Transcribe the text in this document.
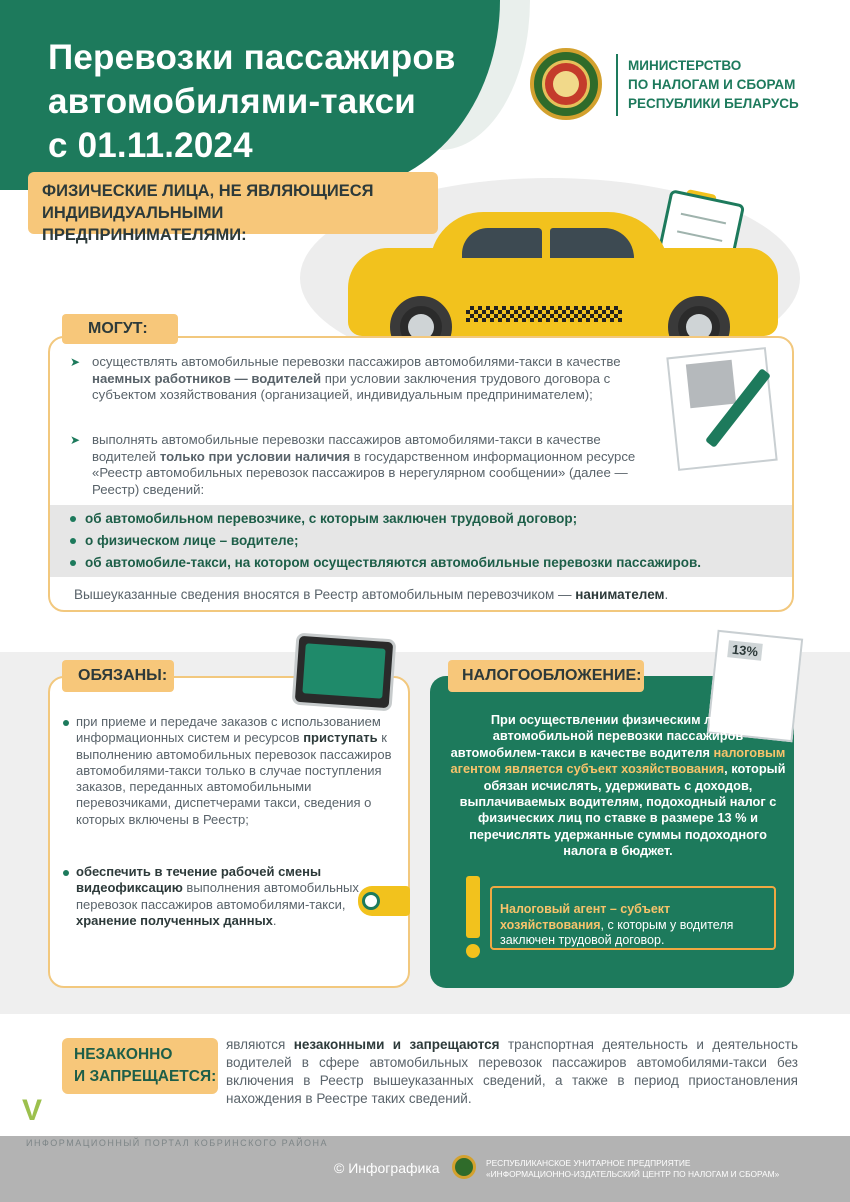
Перевозки пассажиров
автомобилями-такси
с 01.11.2024
МИНИСТЕРСТВО
ПО НАЛОГАМ И СБОРАМ
РЕСПУБЛИКИ БЕЛАРУСЬ
ФИЗИЧЕСКИЕ ЛИЦА, НЕ ЯВЛЯЮЩИЕСЯ
ИНДИВИДУАЛЬНЫМИ ПРЕДПРИНИМАТЕЛЯМИ:
МОГУТ:
➤ осуществлять автомобильные перевозки пассажиров автомобилями-такси в качестве наемных работников — водителей при условии заключения трудового договора с субъектом хозяйствования (организацией, индивидуальным предпринимателем);
➤ выполнять автомобильные перевозки пассажиров автомобилями-такси в качестве водителей только при условии наличия в государственном информационном ресурсе «Реестр автомобильных перевозок пассажиров в нерегулярном сообщении» (далее — Реестр) сведений:
об автомобильном перевозчике, с которым заключен трудовой договор;
о физическом лице – водителе;
об автомобиле-такси, на котором осуществляются автомобильные перевозки пассажиров.
Вышеуказанные сведения вносятся в Реестр автомобильным перевозчиком — нанимателем.
ОБЯЗАНЫ:
при приеме и передаче заказов с использованием информационных систем и ресурсов приступать к выполнению автомобильных перевозок пассажиров автомобилями-такси только в случае поступления заказов, переданных автомобильными перевозчиками, диспетчерами такси, сведения о которых включены в Реестр;
обеспечить в течение рабочей смены видеофиксацию выполнения автомобильных перевозок пассажиров автомобилями-такси, хранение полученных данных.
НАЛОГООБЛОЖЕНИЕ:
13%
При осуществлении физическим лицом автомобильной перевозки пассажиров автомобилем-такси в качестве водителя налоговым агентом является субъект хозяйствования, который обязан исчислять, удерживать с доходов, выплачиваемых водителям, подоходный налог с физических лиц по ставке в размере 13 % и перечислять удержанные суммы подоходного налога в бюджет.
Налоговый агент – субъект хозяйствования, с которым у водителя заключен трудовой договор.
НЕЗАКОННО
И ЗАПРЕЩАЕТСЯ:
являются незаконными и запрещаются транспортная деятельность и деятельность водителей в сфере автомобильных перевозок пассажиров автомобилями-такси без включения в Реестр вышеуказанных сведений, а также в период приостановления нахождения в Реестре таких сведений.
V
ИНФОРМАЦИОННЫЙ ПОРТАЛ КОБРИНСКОГО РАЙОНА
© Инфографика	РЕСПУБЛИКАНСКОЕ УНИТАРНОЕ ПРЕДПРИЯТИЕ
«ИНФОРМАЦИОННО-ИЗДАТЕЛЬСКИЙ ЦЕНТР ПО НАЛОГАМ И СБОРАМ»
